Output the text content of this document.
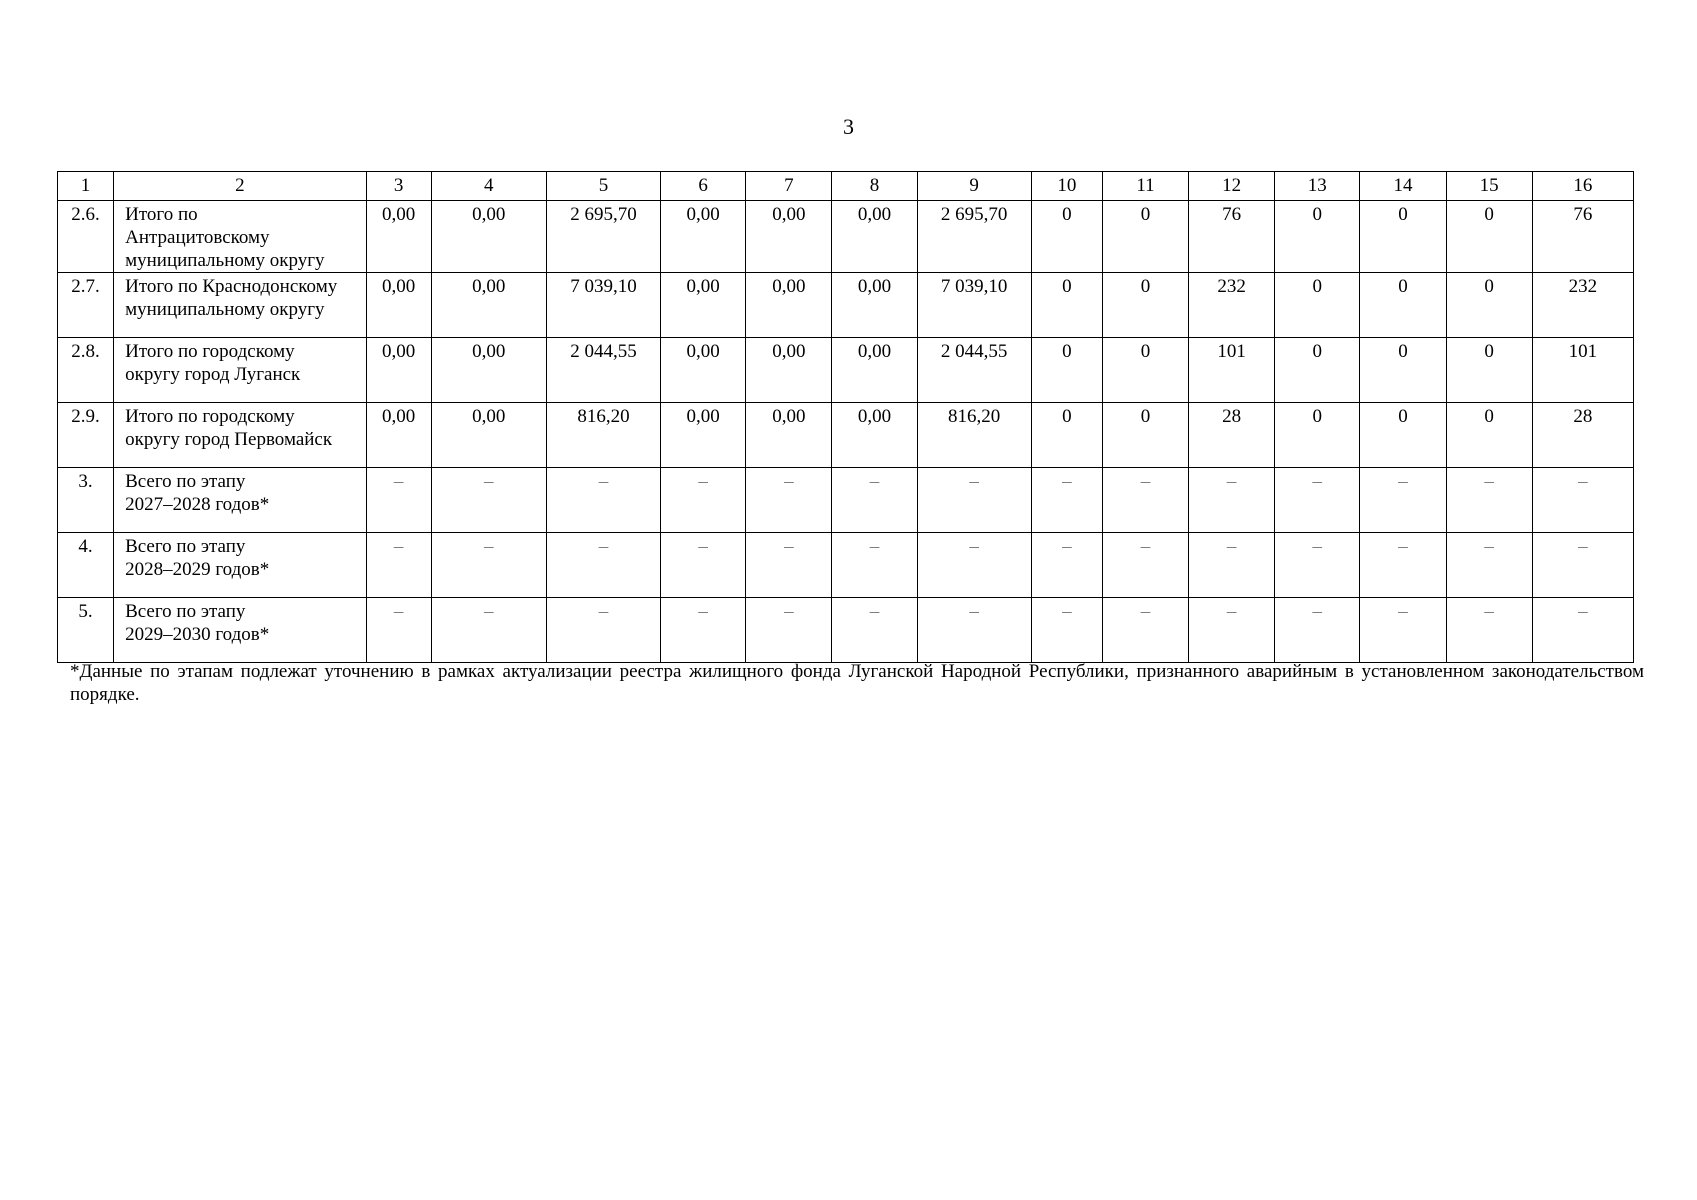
3
1	2	3	4	5	6	7	8	9	10	11	12	13	14	15	16
2.6.	Итого по
Антрацитовскому
муниципальному округу	0,00	0,00	2 695,70	0,00	0,00	0,00	2 695,70	0	0	76	0	0	0	76
2.7.	Итого по Краснодонскому
муниципальному округу	0,00	0,00	7 039,10	0,00	0,00	0,00	7 039,10	0	0	232	0	0	0	232
2.8.	Итого по городскому
округу город Луганск	0,00	0,00	2 044,55	0,00	0,00	0,00	2 044,55	0	0	101	0	0	0	101
2.9.	Итого по городскому
округу город Первомайск	0,00	0,00	816,20	0,00	0,00	0,00	816,20	0	0	28	0	0	0	28
3.	Всего по этапу
2027–2028 годов*	–	–	–	–	–	–	–	–	–	–	–	–	–	–
4.	Всего по этапу
2028–2029 годов*	–	–	–	–	–	–	–	–	–	–	–	–	–	–
5.	Всего по этапу
2029–2030 годов*	–	–	–	–	–	–	–	–	–	–	–	–	–	–
*Данные по этапам подлежат уточнению в рамках актуализации реестра жилищного фонда Луганской Народной Республики, признанного аварийным в установленном законодательством порядке.
